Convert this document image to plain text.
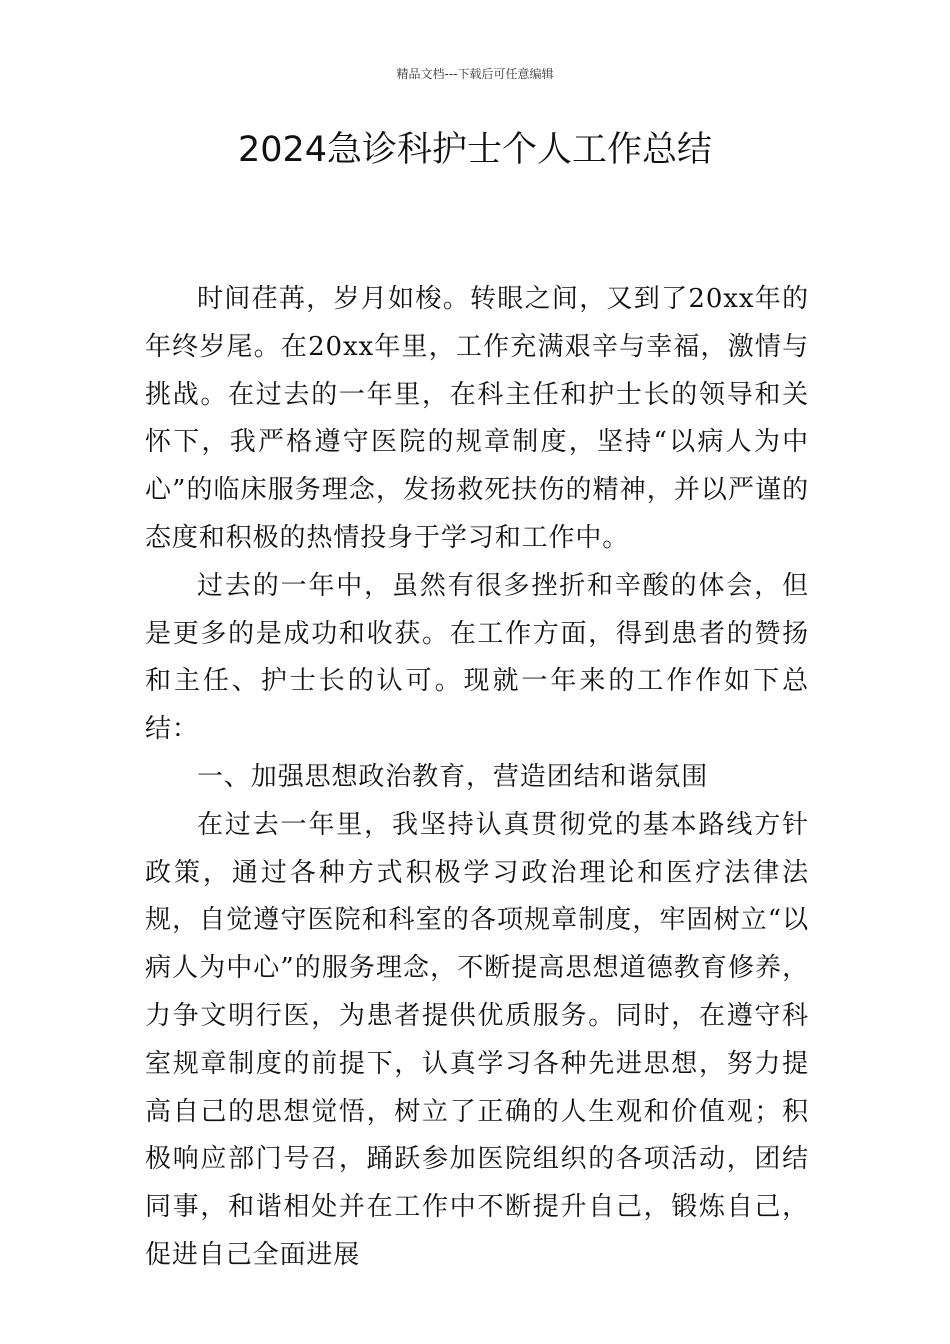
精品文档---下载后可任意编辑
2024急诊科护士个人工作总结

时间荏苒，岁月如梭。转眼之间，又到了20xx年的年终岁尾。在20xx年里，工作充满艰辛与幸福，激情与挑战。在过去的一年里，在科主任和护士长的领导和关怀下，我严格遵守医院的规章制度，坚持“以病人为中心”的临床服务理念，发扬救死扶伤的精神，并以严谨的态度和积极的热情投身于学习和工作中。

过去的一年中，虽然有很多挫折和辛酸的体会，但是更多的是成功和收获。在工作方面，得到患者的赞扬和主任、护士长的认可。现就一年来的工作作如下总结：

一、加强思想政治教育，营造团结和谐氛围

在过去一年里，我坚持认真贯彻党的基本路线方针政策，通过各种方式积极学习政治理论和医疗法律法规，自觉遵守医院和科室的各项规章制度，牢固树立“以病人为中心”的服务理念，不断提高思想道德教育修养，力争文明行医，为患者提供优质服务。同时，在遵守科室规章制度的前提下，认真学习各种先进思想，努力提高自己的思想觉悟，树立了正确的人生观和价值观；积极响应部门号召，踊跃参加医院组织的各项活动，团结同事，和谐相处并在工作中不断提升自己，锻炼自己，促进自己全面进展
